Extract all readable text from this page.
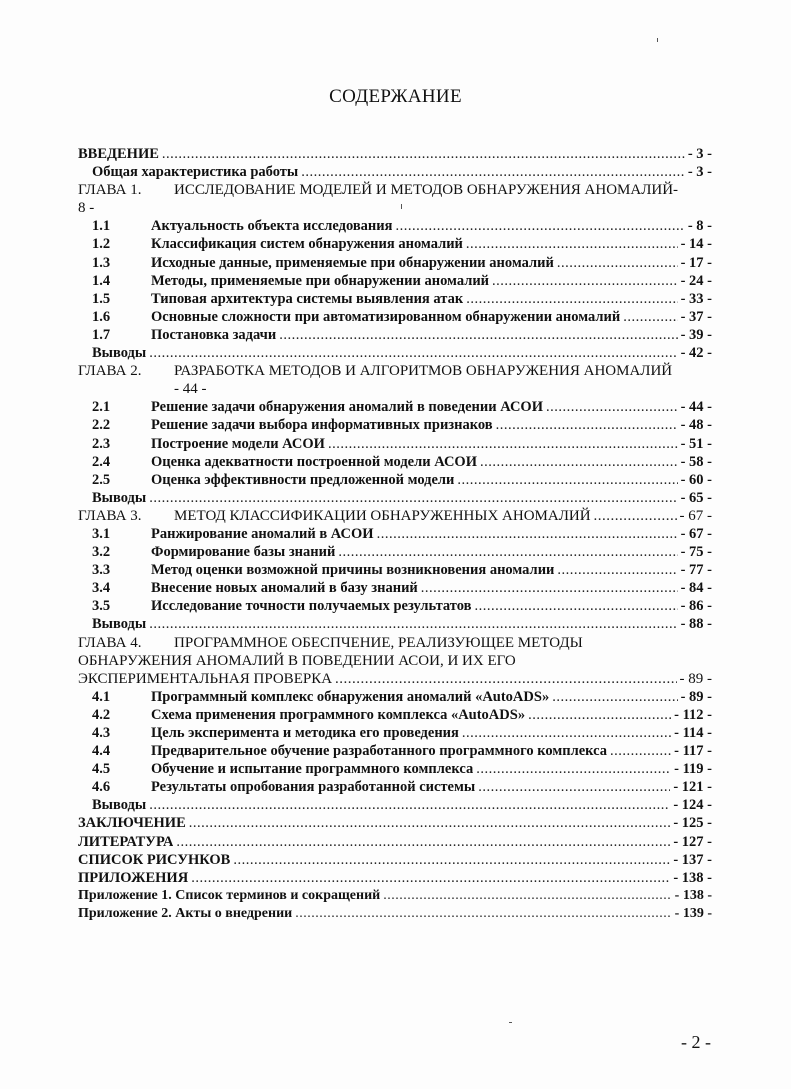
СОДЕРЖАНИЕ
ВВЕДЕНИЕ .....	- 3 -
Общая характеристика работы .....	- 3 -
ГЛАВА 1. ИССЛЕДОВАНИЕ МОДЕЛЕЙ И МЕТОДОВ ОБНАРУЖЕНИЯ АНОМАЛИЙ-
8 -
1.1	Актуальность объекта исследования .....	- 8 -
1.2	Классификация систем обнаружения аномалий .....	- 14 -
1.3	Исходные данные, применяемые при обнаружении аномалий .....	- 17 -
1.4	Методы, применяемые при обнаружении аномалий .....	- 24 -
1.5	Типовая архитектура системы выявления атак .....	- 33 -
1.6	Основные сложности при автоматизированном обнаружении аномалий .....	- 37 -
1.7	Постановка задачи .....	- 39 -
Выводы .....	- 42 -
ГЛАВА 2. РАЗРАБОТКА МЕТОДОВ И АЛГОРИТМОВ ОБНАРУЖЕНИЯ АНОМАЛИЙ
- 44 -
2.1	Решение задачи обнаружения аномалий в поведении АСОИ .....	- 44 -
2.2	Решение задачи выбора информативных признаков .....	- 48 -
2.3	Построение модели АСОИ .....	- 51 -
2.4	Оценка адекватности построенной модели АСОИ .....	- 58 -
2.5	Оценка эффективности предложенной модели .....	- 60 -
Выводы .....	- 65 -
ГЛАВА 3.	МЕТОД КЛАССИФИКАЦИИ ОБНАРУЖЕННЫХ АНОМАЛИЙ .....	- 67 -
3.1	Ранжирование аномалий в АСОИ .....	- 67 -
3.2	Формирование базы знаний .....	- 75 -
3.3	Метод оценки возможной причины возникновения аномалии .....	- 77 -
3.4	Внесение новых аномалий в базу знаний .....	- 84 -
3.5	Исследование точности получаемых результатов .....	- 86 -
Выводы .....	- 88 -
ГЛАВА 4. ПРОГРАММНОЕ ОБЕСПЧЕНИЕ, РЕАЛИЗУЮЩЕЕ МЕТОДЫ
ОБНАРУЖЕНИЯ АНОМАЛИЙ В ПОВЕДЕНИИ АСОИ, И ИХ ЕГО
ЭКСПЕРИМЕНТАЛЬНАЯ ПРОВЕРКА .....	- 89 -
4.1	Программный комплекс обнаружения аномалий «AutoADS» .....	- 89 -
4.2	Схема применения программного комплекса «AutoADS» .....	- 112 -
4.3	Цель эксперимента и методика его проведения .....	- 114 -
4.4	Предварительное обучение разработанного программного комплекса .....	- 117 -
4.5	Обучение и испытание программного комплекса .....	- 119 -
4.6	Результаты опробования разработанной системы .....	- 121 -
Выводы .....	- 124 -
ЗАКЛЮЧЕНИЕ .....	- 125 -
ЛИТЕРАТУРА .....	- 127 -
СПИСОК РИСУНКОВ .....	- 137 -
ПРИЛОЖЕНИЯ .....	- 138 -
Приложение 1. Список терминов и сокращений .....	- 138 -
Приложение 2. Акты о внедрении .....	- 139 -
- 2 -
